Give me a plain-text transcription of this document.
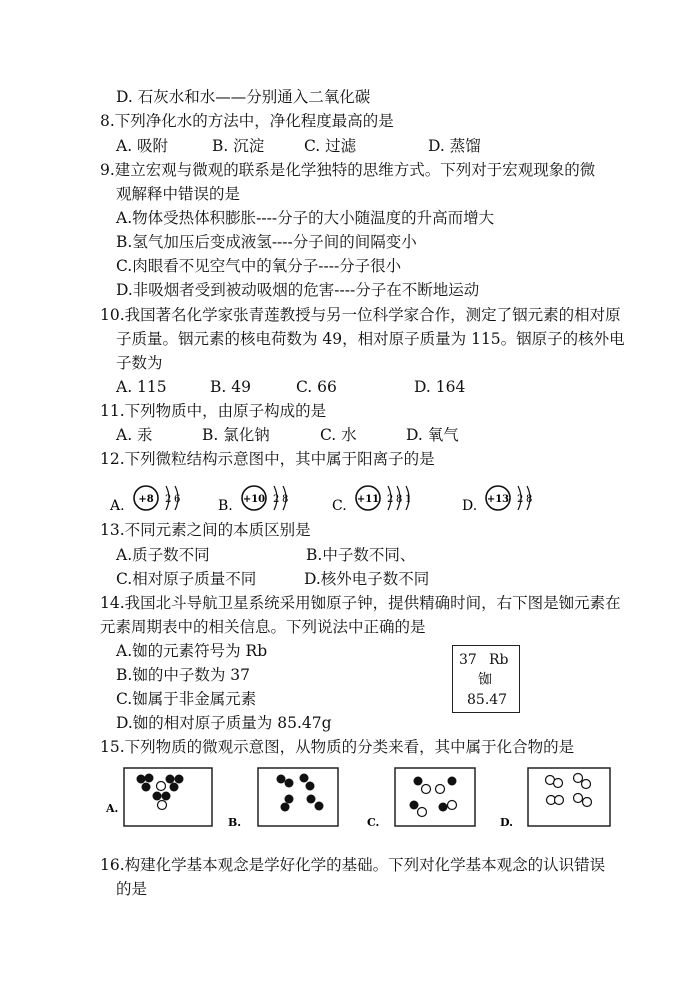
D. 石灰水和水——分别通入二氧化碳
8.下列净化水的方法中，净化程度最高的是
A. 吸附	B. 沉淀	C. 过滤	D. 蒸馏
9.建立宏观与微观的联系是化学独特的思维方式。下列对于宏观现象的微
观解释中错误的是
A.物体受热体积膨胀----分子的大小随温度的升高而增大
B.氢气加压后变成液氢----分子间的间隔变小
C.肉眼看不见空气中的氧分子----分子很小
D.非吸烟者受到被动吸烟的危害----分子在不断地运动
10.我国著名化学家张青莲教授与另一位科学家合作，测定了铟元素的相对原
子质量。铟元素的核电荷数为 49，相对原子质量为 115。铟原子的核外电
子数为
A. 115	B. 49	C. 66	D. 164
11.下列物质中，由原子构成的是
A. 汞	B. 氯化钠	C. 水	D. 氧气
12.下列微粒结构示意图中，其中属于阳离子的是
A. +8 2 6	B. +10 2 8	C. +11 2 8 1	D. +13 2 8
13.不同元素之间的本质区别是
A.质子数不同	B.中子数不同、
C.相对原子质量不同	D.核外电子数不同
14.我国北斗导航卫星系统采用铷原子钟，提供精确时间，右下图是铷元素在
元素周期表中的相关信息。下列说法中正确的是
A.铷的元素符号为 Rb
B.铷的中子数为 37
C.铷属于非金属元素
D.铷的相对原子质量为 85.47g
37 Rb
铷
85.47
15.下列物质的微观示意图，从物质的分类来看，其中属于化合物的是
A.
B.	C.	D.
16.构建化学基本观念是学好化学的基础。下列对化学基本观念的认识错误
的是
